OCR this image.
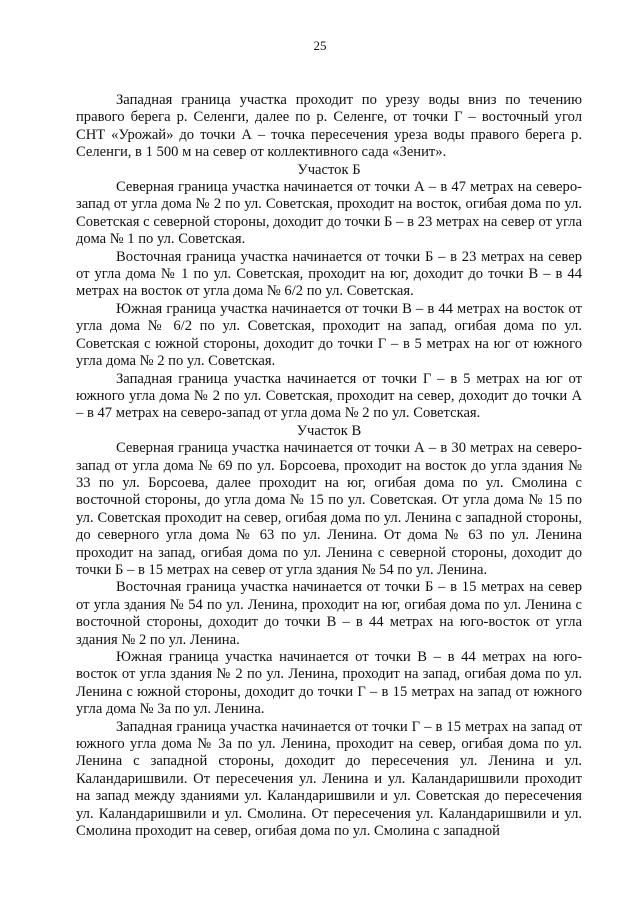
25

Западная граница участка проходит по урезу воды вниз по течению правого берега р. Селенги, далее по р. Селенге, от точки Г – восточный угол СНТ «Урожай» до точки А – точка пересечения уреза воды правого берега р. Селенги, в 1 500 м на север от коллективного сада «Зенит».

Участок Б

Северная граница участка начинается от точки А – в 47 метрах на северо-запад от угла дома № 2 по ул. Советская, проходит на восток, огибая дома по ул. Советская с северной стороны, доходит до точки Б – в 23 метрах на север от угла дома № 1 по ул. Советская.

Восточная граница участка начинается от точки Б – в 23 метрах на север от угла дома № 1 по ул. Советская, проходит на юг, доходит до точки В – в 44 метрах на восток от угла дома № 6/2 по ул. Советская.

Южная граница участка начинается от точки В – в 44 метрах на восток от угла дома № 6/2 по ул. Советская, проходит на запад, огибая дома по ул. Советская с южной стороны, доходит до точки Г – в 5 метрах на юг от южного угла дома № 2 по ул. Советская.

Западная граница участка начинается от точки Г – в 5 метрах на юг от южного угла дома № 2 по ул. Советская, проходит на север, доходит до точки А – в 47 метрах на северо-запад от угла дома № 2 по ул. Советская.

Участок В

Северная граница участка начинается от точки А – в 30 метрах на северо-запад от угла дома № 69 по ул. Борсоева, проходит на восток до угла здания № 33 по ул. Борсоева, далее проходит на юг, огибая дома по ул. Смолина с восточной стороны, до угла дома № 15 по ул. Советская. От угла дома № 15 по ул. Советская проходит на север, огибая дома по ул. Ленина с западной стороны, до северного угла дома № 63 по ул. Ленина. От дома № 63 по ул. Ленина проходит на запад, огибая дома по ул. Ленина с северной стороны, доходит до точки Б – в 15 метрах на север от угла здания № 54 по ул. Ленина.

Восточная граница участка начинается от точки Б – в 15 метрах на север от угла здания № 54 по ул. Ленина, проходит на юг, огибая дома по ул. Ленина с восточной стороны, доходит до точки В – в 44 метрах на юго-восток от угла здания № 2 по ул. Ленина.

Южная граница участка начинается от точки В – в 44 метрах на юго-восток от угла здания № 2 по ул. Ленина, проходит на запад, огибая дома по ул. Ленина с южной стороны, доходит до точки Г – в 15 метрах на запад от южного угла дома № 3а по ул. Ленина.

Западная граница участка начинается от точки Г – в 15 метрах на запад от южного угла дома № 3а по ул. Ленина, проходит на север, огибая дома по ул. Ленина с западной стороны, доходит до пересечения ул. Ленина и ул. Каландаришвили. От пересечения ул. Ленина и ул. Каландаришвили проходит на запад между зданиями ул. Каландаришвили и ул. Советская до пересечения ул. Каландаришвили и ул. Смолина. От пересечения ул. Каландаришвили и ул. Смолина проходит на север, огибая дома по ул. Смолина с западной
